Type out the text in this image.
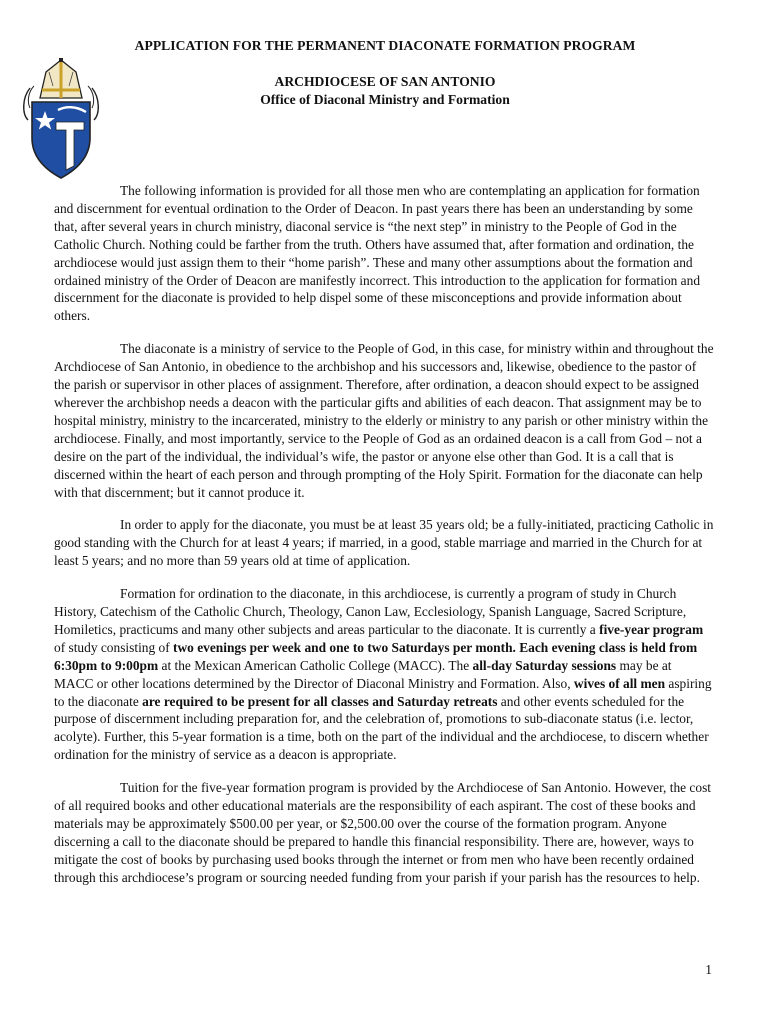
APPLICATION FOR THE PERMANENT DIACONATE FORMATION PROGRAM
ARCHDIOCESE OF SAN ANTONIO
Office of Diaconal Ministry and Formation

The following information is provided for all those men who are contemplating an application for formation and discernment for eventual ordination to the Order of Deacon. In past years there has been an understanding by some that, after several years in church ministry, diaconal service is “the next step” in ministry to the People of God in the Catholic Church. Nothing could be farther from the truth. Others have assumed that, after formation and ordination, the archdiocese would just assign them to their “home parish”. These and many other assumptions about the formation and ordained ministry of the Order of Deacon are manifestly incorrect. This introduction to the application for formation and discernment for the diaconate is provided to help dispel some of these misconceptions and provide information about others.

The diaconate is a ministry of service to the People of God, in this case, for ministry within and throughout the Archdiocese of San Antonio, in obedience to the archbishop and his successors and, likewise, obedience to the pastor of the parish or supervisor in other places of assignment. Therefore, after ordination, a deacon should expect to be assigned wherever the archbishop needs a deacon with the particular gifts and abilities of each deacon. That assignment may be to hospital ministry, ministry to the incarcerated, ministry to the elderly or ministry to any parish or other ministry within the archdiocese. Finally, and most importantly, service to the People of God as an ordained deacon is a call from God – not a desire on the part of the individual, the individual’s wife, the pastor or anyone else other than God. It is a call that is discerned within the heart of each person and through prompting of the Holy Spirit. Formation for the diaconate can help with that discernment; but it cannot produce it.

In order to apply for the diaconate, you must be at least 35 years old; be a fully-initiated, practicing Catholic in good standing with the Church for at least 4 years; if married, in a good, stable marriage and married in the Church for at least 5 years; and no more than 59 years old at time of application.

Formation for ordination to the diaconate, in this archdiocese, is currently a program of study in Church History, Catechism of the Catholic Church, Theology, Canon Law, Ecclesiology, Spanish Language, Sacred Scripture, Homiletics, practicums and many other subjects and areas particular to the diaconate. It is currently a five-year program of study consisting of two evenings per week and one to two Saturdays per month. Each evening class is held from 6:30pm to 9:00pm at the Mexican American Catholic College (MACC). The all-day Saturday sessions may be at MACC or other locations determined by the Director of Diaconal Ministry and Formation. Also, wives of all men aspiring to the diaconate are required to be present for all classes and Saturday retreats and other events scheduled for the purpose of discernment including preparation for, and the celebration of, promotions to sub-diaconate status (i.e. lector, acolyte). Further, this 5-year formation is a time, both on the part of the individual and the archdiocese, to discern whether ordination for the ministry of service as a deacon is appropriate.

Tuition for the five-year formation program is provided by the Archdiocese of San Antonio. However, the cost of all required books and other educational materials are the responsibility of each aspirant. The cost of these books and materials may be approximately $500.00 per year, or $2,500.00 over the course of the formation program. Anyone discerning a call to the diaconate should be prepared to handle this financial responsibility. There are, however, ways to mitigate the cost of books by purchasing used books through the internet or from men who have been recently ordained through this archdiocese’s program or sourcing needed funding from your parish if your parish has the resources to help.

1
